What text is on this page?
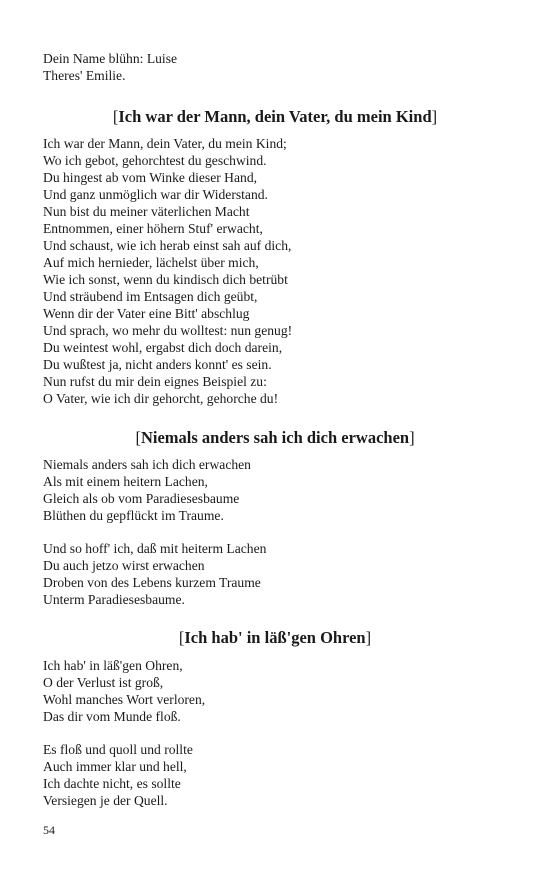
Dein Name blühn: Luise
Theres' Emilie.
[Ich war der Mann, dein Vater, du mein Kind]
Ich war der Mann, dein Vater, du mein Kind;
Wo ich gebot, gehorchtest du geschwind.
Du hingest ab vom Winke dieser Hand,
Und ganz unmöglich war dir Widerstand.
Nun bist du meiner väterlichen Macht
Entnommen, einer höhern Stuf' erwacht,
Und schaust, wie ich herab einst sah auf dich,
Auf mich hernieder, lächelst über mich,
Wie ich sonst, wenn du kindisch dich betrübt
Und sträubend im Entsagen dich geübt,
Wenn dir der Vater eine Bitt' abschlug
Und sprach, wo mehr du wolltest: nun genug!
Du weintest wohl, ergabst dich doch darein,
Du wußtest ja, nicht anders konnt' es sein.
Nun rufst du mir dein eignes Beispiel zu:
O Vater, wie ich dir gehorcht, gehorche du!
[Niemals anders sah ich dich erwachen]
Niemals anders sah ich dich erwachen
Als mit einem heitern Lachen,
Gleich als ob vom Paradiesesbaume
Blüthen du gepflückt im Traume.
Und so hoff' ich, daß mit heiterm Lachen
Du auch jetzo wirst erwachen
Droben von des Lebens kurzem Traume
Unterm Paradiesesbaume.
[Ich hab' in läß'gen Ohren]
Ich hab' in läß'gen Ohren,
O der Verlust ist groß,
Wohl manches Wort verloren,
Das dir vom Munde floß.
Es floß und quoll und rollte
Auch immer klar und hell,
Ich dachte nicht, es sollte
Versiegen je der Quell.
54
